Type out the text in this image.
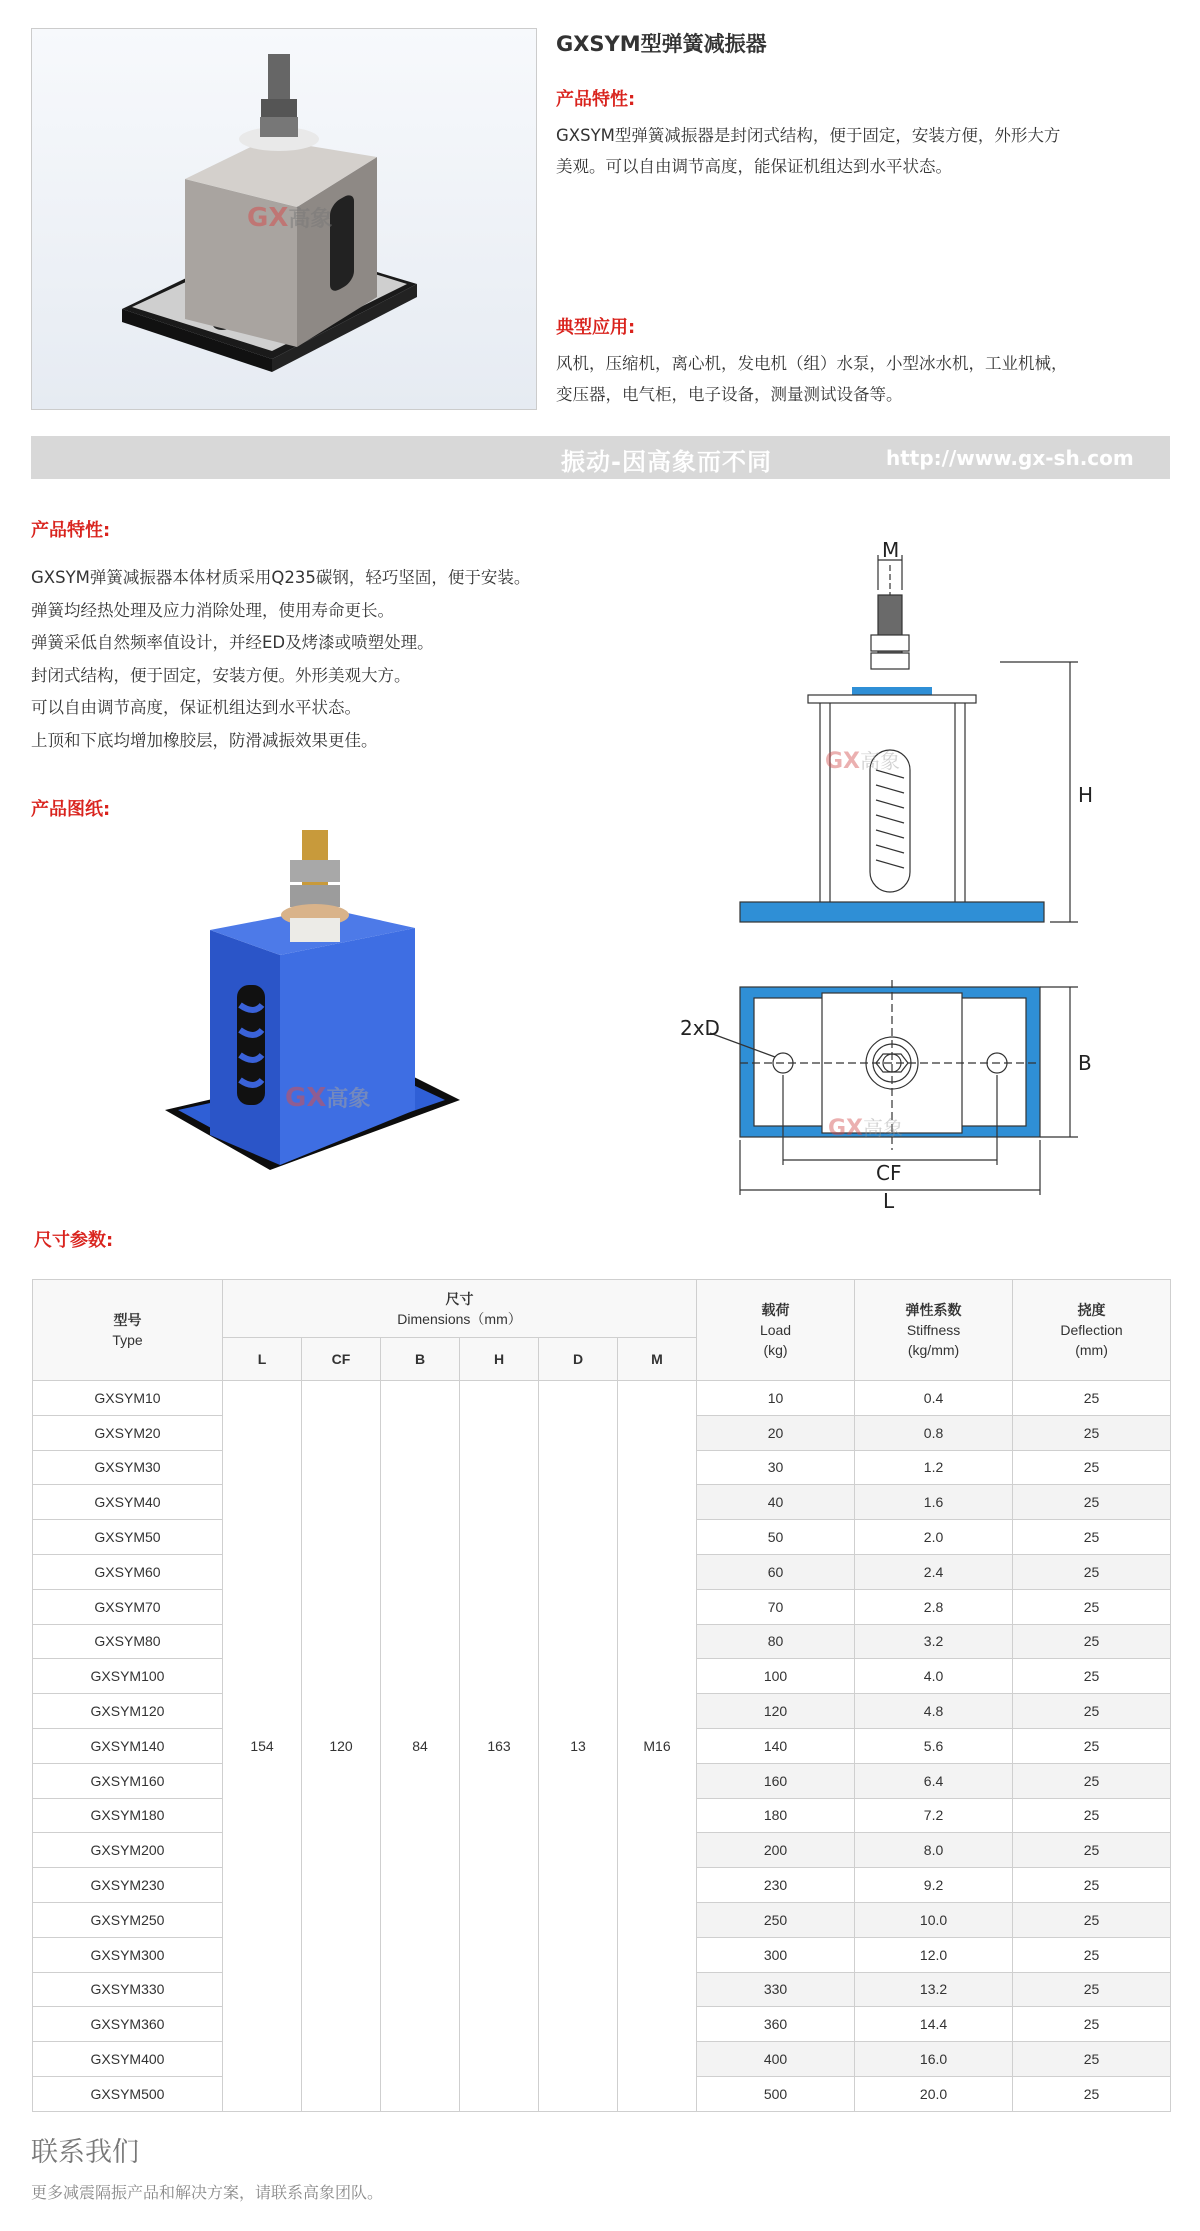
GX高象
GXSYM型弹簧减振器
产品特性:
GXSYM型弹簧减振器是封闭式结构，便于固定，安装方便，外形大方
美观。可以自由调节高度，能保证机组达到水平状态。
典型应用:
风机，压缩机，离心机，发电机（组）水泵，小型冰水机，工业机械，
变压器，电气柜，电子设备，测量测试设备等。
振动-因高象而不同	http://www.gx-sh.com
产品特性:
GXSYM弹簧减振器本体材质采用Q235碳钢，轻巧坚固，便于安装。
弹簧均经热处理及应力消除处理，使用寿命更长。
弹簧采低自然频率值设计，并经ED及烤漆或喷塑处理。
封闭式结构，便于固定，安装方便。外形美观大方。
可以自由调节高度，保证机组达到水平状态。
上顶和下底均增加橡胶层，防滑减振效果更佳。
产品图纸:
GX高象
M
H
B
2xD
CF
L
GX 高象
GX 高象
尺寸参数:
型号
Type	尺寸
Dimensions（mm）						载荷
Load
(kg)	弹性系数
Stiffness
(kg/mm)	挠度
Deflection
(mm)
	L	CF	B	H	D	M			
GXSYM10	154	120	84	163	13	M16	10	0.4	25
GXSYM20							20	0.8	25
GXSYM30							30	1.2	25
GXSYM40							40	1.6	25
GXSYM50							50	2.0	25
GXSYM60							60	2.4	25
GXSYM70							70	2.8	25
GXSYM80							80	3.2	25
GXSYM100							100	4.0	25
GXSYM120							120	4.8	25
GXSYM140							140	5.6	25
GXSYM160							160	6.4	25
GXSYM180							180	7.2	25
GXSYM200							200	8.0	25
GXSYM230							230	9.2	25
GXSYM250							250	10.0	25
GXSYM300							300	12.0	25
GXSYM330							330	13.2	25
GXSYM360							360	14.4	25
GXSYM400							400	16.0	25
GXSYM500							500	20.0	25
联系我们
更多减震隔振产品和解决方案，请联系高象团队。
